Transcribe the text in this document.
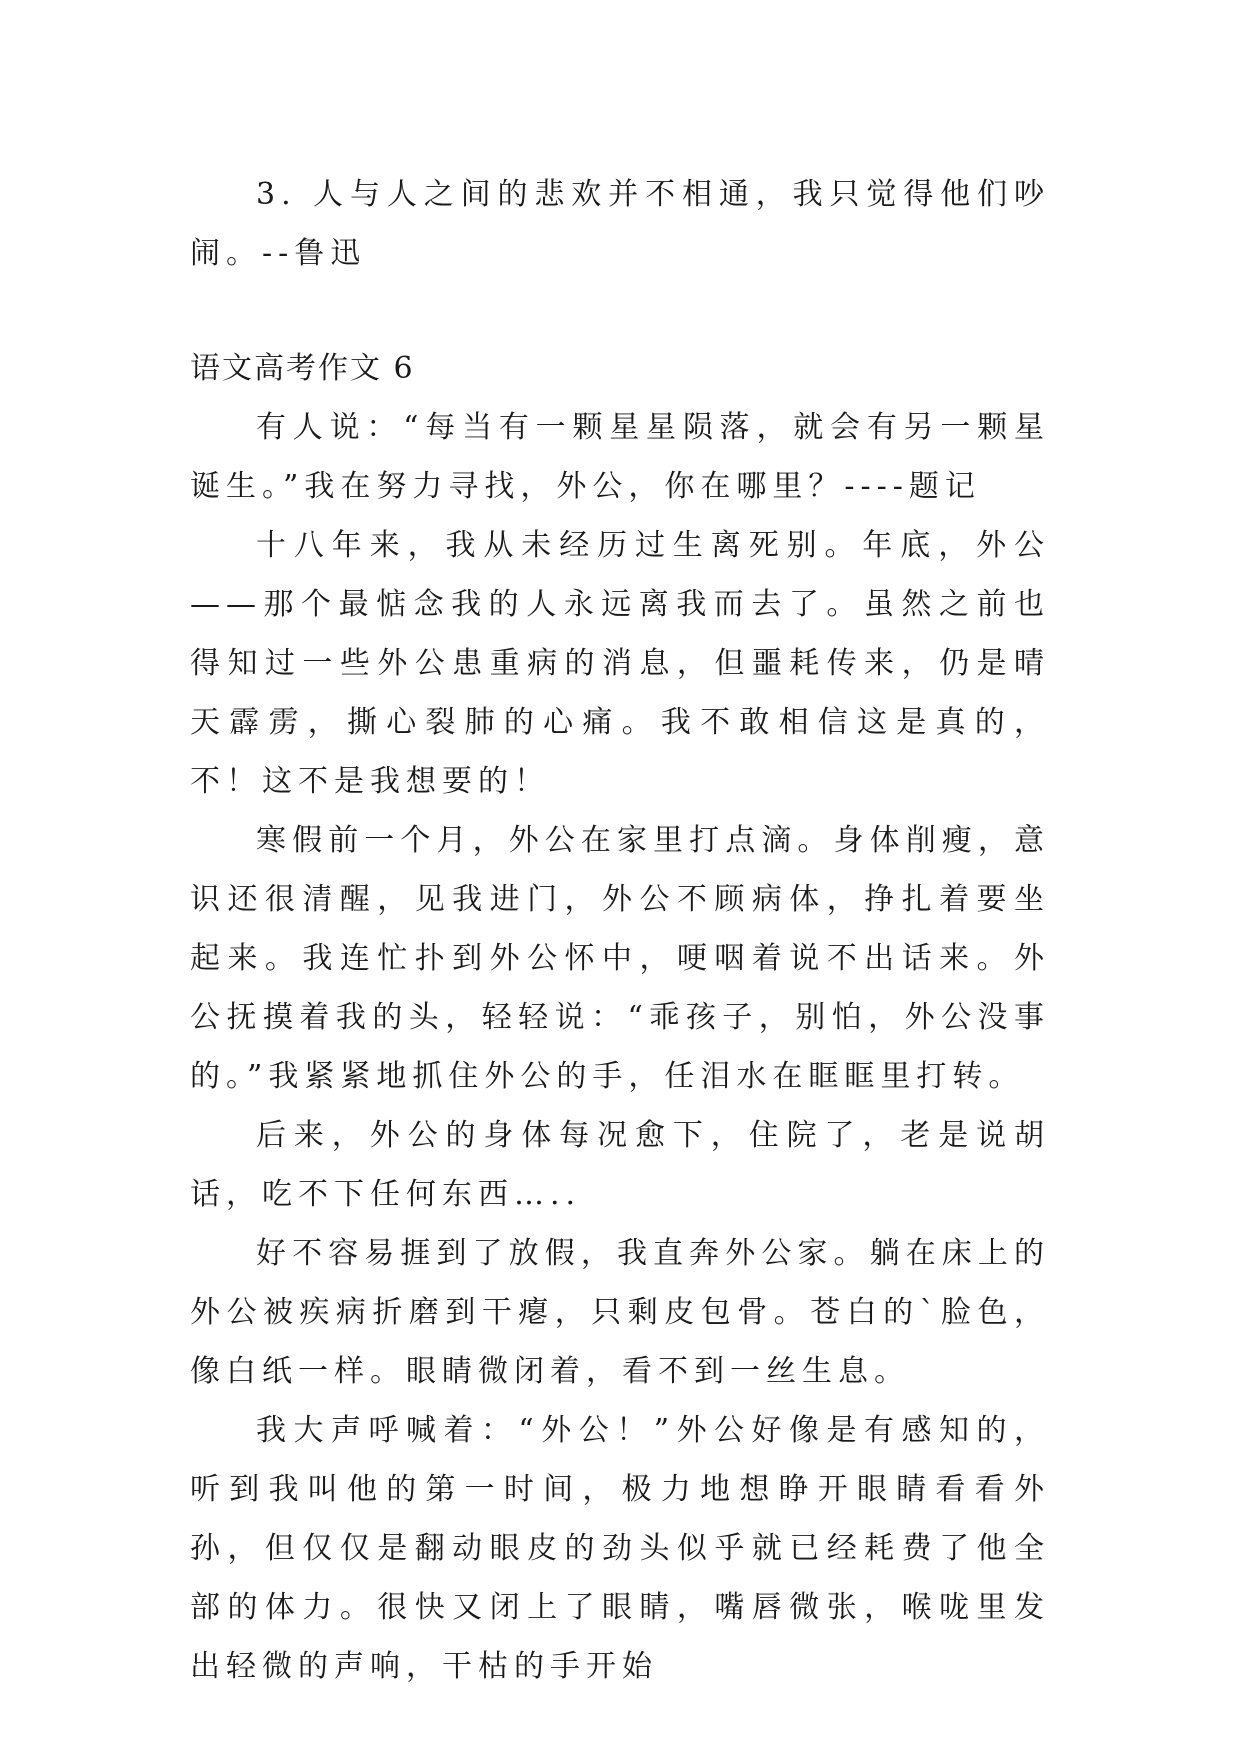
3. 人与人之间的悲欢并不相通，我只觉得他们吵闹。--鲁迅

语文高考作文 6

有人说：“每当有一颗星星陨落，就会有另一颗星诞生。”我在努力寻找，外公，你在哪里？----题记

十八年来，我从未经历过生离死别。年底，外公——那个最惦念我的人永远离我而去了。虽然之前也得知过一些外公患重病的消息，但噩耗传来，仍是晴天霹雳，撕心裂肺的心痛。我不敢相信这是真的，不！这不是我想要的！

寒假前一个月，外公在家里打点滴。身体削瘦，意识还很清醒，见我进门，外公不顾病体，挣扎着要坐起来。我连忙扑到外公怀中，哽咽着说不出话来。外公抚摸着我的头，轻轻说：“乖孩子，别怕，外公没事的。”我紧紧地抓住外公的手，任泪水在眶眶里打转。

后来，外公的身体每况愈下，住院了，老是说胡话，吃不下任何东西…..

好不容易捱到了放假，我直奔外公家。躺在床上的外公被疾病折磨到干瘪，只剩皮包骨。苍白的`脸色，像白纸一样。眼睛微闭着，看不到一丝生息。

我大声呼喊着：“外公！”外公好像是有感知的，听到我叫他的第一时间，极力地想睁开眼睛看看外孙，但仅仅是翻动眼皮的劲头似乎就已经耗费了他全部的体力。很快又闭上了眼睛，嘴唇微张，喉咙里发出轻微的声响，干枯的手开始
